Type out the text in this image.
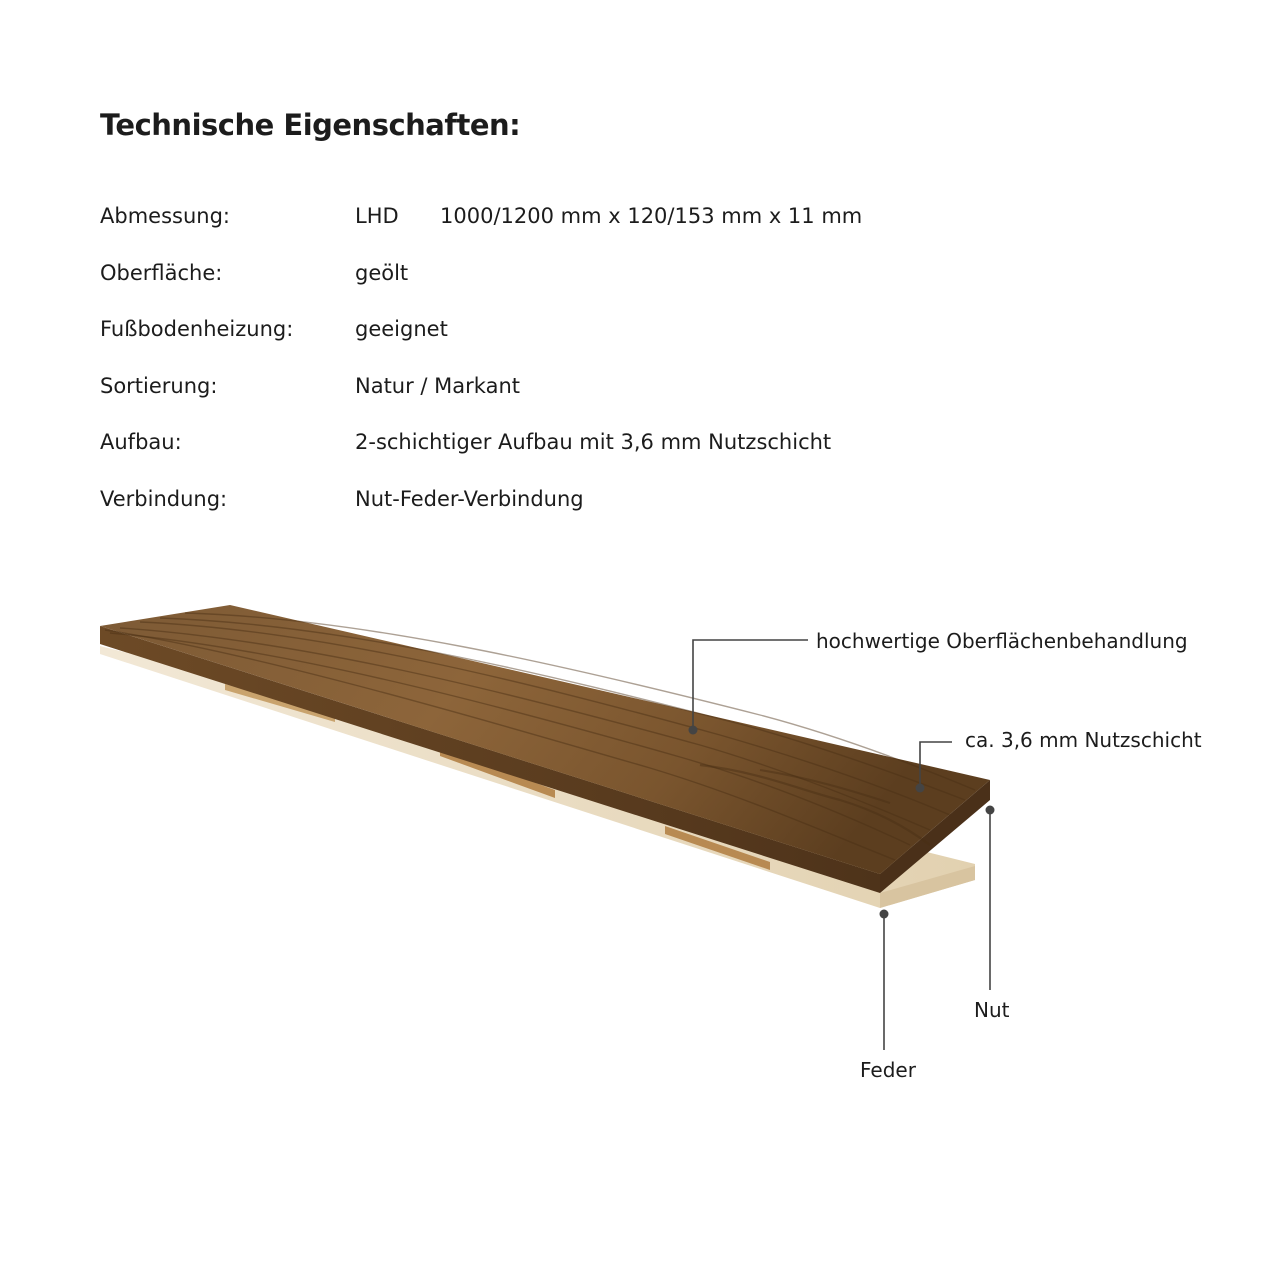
Technische Eigenschaften:
Abmessung:	LHD 1000/1200 mm x 120/153 mm x 11 mm
Oberfläche:	geölt
Fußbodenheizung:	geeignet
Sortierung:	Natur / Markant
Aufbau:	2-schichtiger Aufbau mit 3,6 mm Nutzschicht
Verbindung:	Nut-Feder-Verbindung
hochwertige Oberflächenbehandlung
ca. 3,6 mm Nutzschicht
Nut
Feder
